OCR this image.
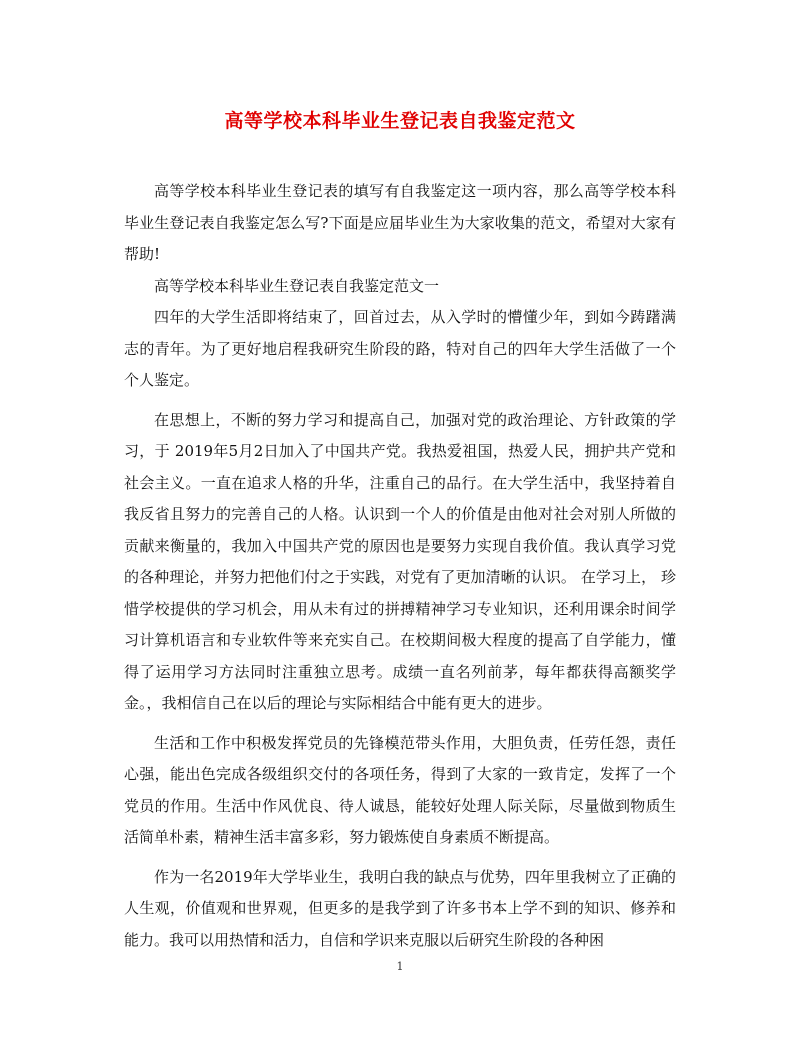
高等学校本科毕业生登记表自我鉴定范文

高等学校本科毕业生登记表的填写有自我鉴定这一项内容，那么高等学校本科毕业生登记表自我鉴定怎么写?下面是应届毕业生为大家收集的范文，希望对大家有帮助!

高等学校本科毕业生登记表自我鉴定范文一

四年的大学生活即将结束了，回首过去，从入学时的懵懂少年，到如今踌躇满志的青年。为了更好地启程我研究生阶段的路，特对自己的四年大学生活做了一个个人鉴定。

在思想上，不断的努力学习和提高自己，加强对党的政治理论、方针政策的学习，于 2019年5月2日加入了中国共产党。我热爱祖国，热爱人民，拥护共产党和社会主义。一直在追求人格的升华，注重自己的品行。在大学生活中，我坚持着自我反省且努力的完善自己的人格。认识到一个人的价值是由他对社会对别人所做的贡献来衡量的，我加入中国共产党的原因也是要努力实现自我价值。我认真学习党的各种理论，并努力把他们付之于实践，对党有了更加清晰的认识。 在学习上， 珍惜学校提供的学习机会，用从未有过的拼搏精神学习专业知识，还利用课余时间学习计算机语言和专业软件等来充实自己。在校期间极大程度的提高了自学能力，懂得了运用学习方法同时注重独立思考。成绩一直名列前茅，每年都获得高额奖学金。，我相信自己在以后的理论与实际相结合中能有更大的进步。

生活和工作中积极发挥党员的先锋模范带头作用，大胆负责，任劳任怨，责任心强，能出色完成各级组织交付的各项任务，得到了大家的一致肯定，发挥了一个党员的作用。生活中作风优良、待人诚恳，能较好处理人际关际，尽量做到物质生活简单朴素，精神生活丰富多彩，努力锻炼使自身素质不断提高。

作为一名2019年大学毕业生，我明白我的缺点与优势，四年里我树立了正确的人生观，价值观和世界观，但更多的是我学到了许多书本上学不到的知识、修养和能力。我可以用热情和活力，自信和学识来克服以后研究生阶段的各种困

1
